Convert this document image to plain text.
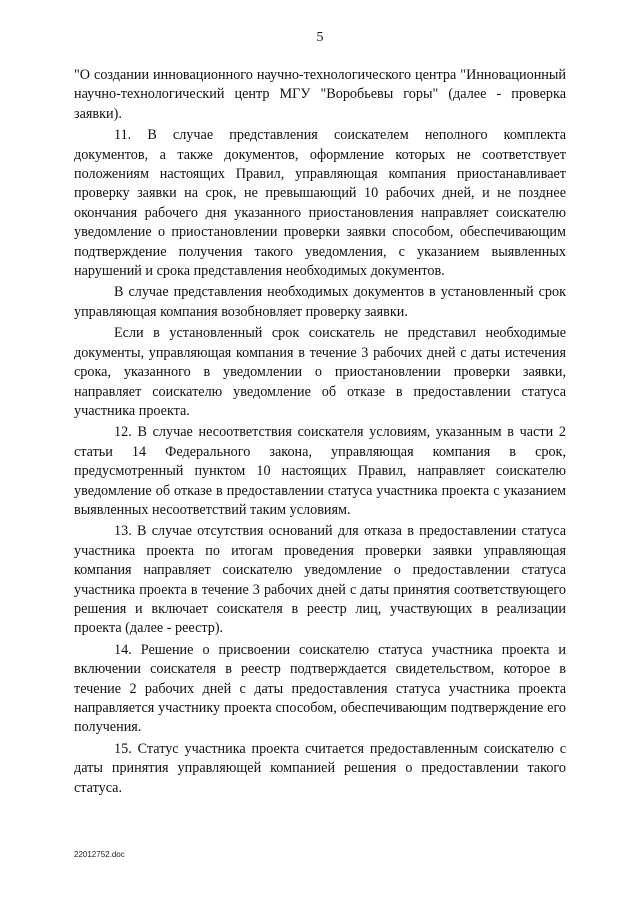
5

"О создании инновационного научно-технологического центра "Инновационный научно-технологический центр МГУ "Воробьевы горы" (далее - проверка заявки).

11. В случае представления соискателем неполного комплекта документов, а также документов, оформление которых не соответствует положениям настоящих Правил, управляющая компания приостанавливает проверку заявки на срок, не превышающий 10 рабочих дней, и не позднее окончания рабочего дня указанного приостановления направляет соискателю уведомление о приостановлении проверки заявки способом, обеспечивающим подтверждение получения такого уведомления, с указанием выявленных нарушений и срока представления необходимых документов.

В случае представления необходимых документов в установленный срок управляющая компания возобновляет проверку заявки.

Если в установленный срок соискатель не представил необходимые документы, управляющая компания в течение 3 рабочих дней с даты истечения срока, указанного в уведомлении о приостановлении проверки заявки, направляет соискателю уведомление об отказе в предоставлении статуса участника проекта.

12. В случае несоответствия соискателя условиям, указанным в части 2 статьи 14 Федерального закона, управляющая компания в срок, предусмотренный пунктом 10 настоящих Правил, направляет соискателю уведомление об отказе в предоставлении статуса участника проекта с указанием выявленных несоответствий таким условиям.

13. В случае отсутствия оснований для отказа в предоставлении статуса участника проекта по итогам проведения проверки заявки управляющая компания направляет соискателю уведомление о предоставлении статуса участника проекта в течение 3 рабочих дней с даты принятия соответствующего решения и включает соискателя в реестр лиц, участвующих в реализации проекта (далее - реестр).

14. Решение о присвоении соискателю статуса участника проекта и включении соискателя в реестр подтверждается свидетельством, которое в течение 2 рабочих дней с даты предоставления статуса участника проекта направляется участнику проекта способом, обеспечивающим подтверждение его получения.

15. Статус участника проекта считается предоставленным соискателю с даты принятия управляющей компанией решения о предоставлении такого статуса.

22012752.doc
